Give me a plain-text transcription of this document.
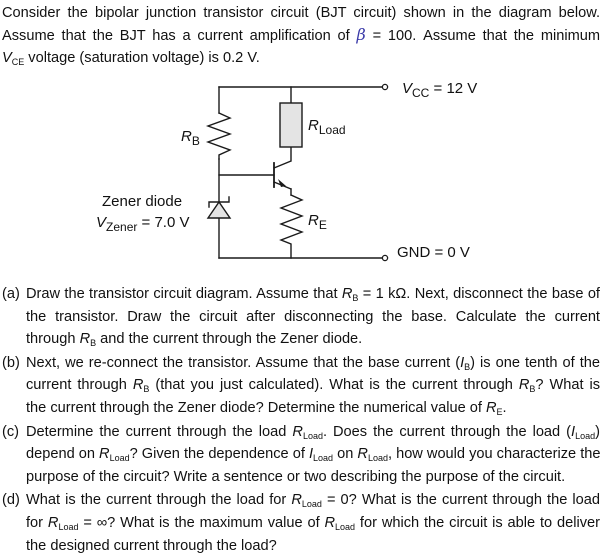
Consider the bipolar junction transistor circuit (BJT circuit) shown in the diagram below.
Assume that the BJT has a current amplification of β = 100. Assume that the minimum
$V_{CE}$ voltage (saturation voltage) is 0.2 V.
$V_{CC} = 12$ V
GND = 0 V
$R_B$
$R_{Load}$
$R_E$
Zener diode
$V_{Zener} = 7.0$ V
(a) Draw the transistor circuit diagram. Assume that $R_B = 1$ kΩ. Next, disconnect the base of
the transistor. Draw the circuit after disconnecting the base. Calculate the current
through $R_B$ and the current through the Zener diode.
(b) Next, we re-connect the transistor. Assume that the base current $(I_B)$ is one tenth of the
current through $R_B$ (that you just calculated). What is the current through $R_B$? What is
the current through the Zener diode? Determine the numerical value of $R_E$.
(c) Determine the current through the load $R_{Load}$. Does the current through the load $(I_{Load})$
depend on $R_{Load}$? Given the dependence of $I_{Load}$ on $R_{Load}$, how would you characterize the
purpose of the circuit? Write a sentence or two describing the purpose of the circuit.
(d) What is the current through the load for $R_{Load} = 0$? What is the current through the load
for $R_{Load}$ = ∞? What is the maximum value of $R_{Load}$ for which the circuit is able to deliver
the designed current through the load?
